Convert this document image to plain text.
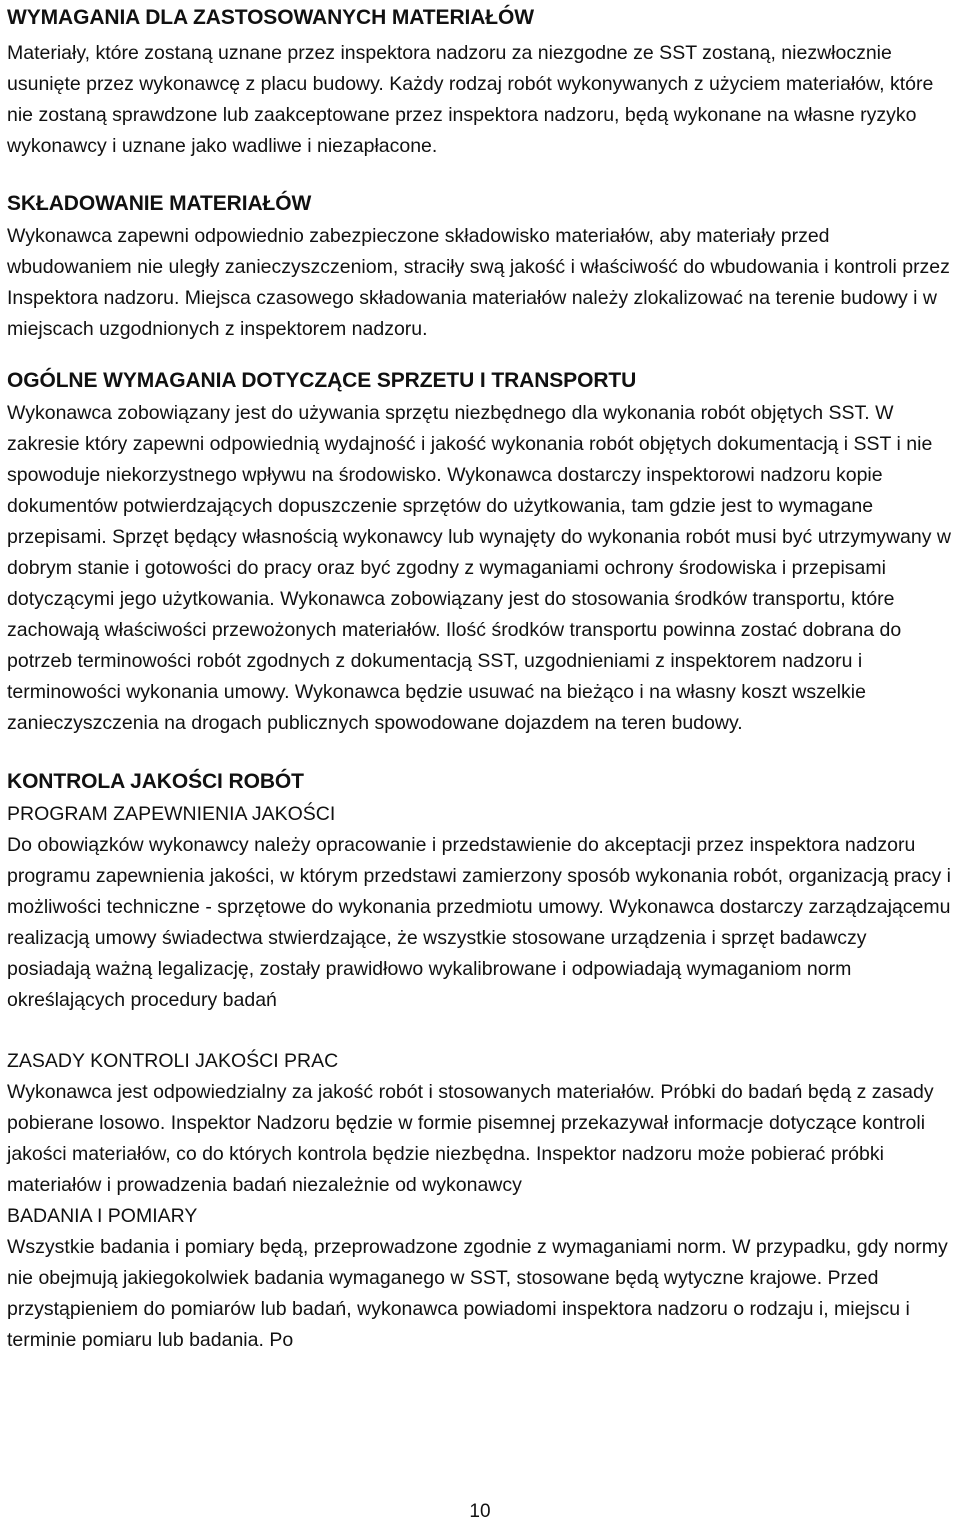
WYMAGANIA DLA ZASTOSOWANYCH MATERIAŁÓW

Materiały, które zostaną uznane przez inspektora nadzoru za niezgodne ze SST zostaną, niezwłocznie usunięte przez wykonawcę z placu budowy. Każdy rodzaj robót wykonywanych z użyciem materiałów, które nie zostaną sprawdzone lub zaakceptowane przez inspektora nadzoru, będą wykonane na własne ryzyko wykonawcy i uznane jako wadliwe i niezapłacone.

SKŁADOWANIE MATERIAŁÓW

Wykonawca zapewni odpowiednio zabezpieczone składowisko materiałów, aby materiały przed wbudowaniem nie uległy zanieczyszczeniom, straciły swą jakość i właściwość do wbudowania i kontroli przez Inspektora nadzoru. Miejsca czasowego składowania materiałów należy zlokalizować na terenie budowy i w miejscach uzgodnionych z inspektorem nadzoru.

OGÓLNE WYMAGANIA DOTYCZĄCE SPRZETU I TRANSPORTU

Wykonawca zobowiązany jest do używania sprzętu niezbędnego dla wykonania robót objętych SST. W zakresie który zapewni odpowiednią wydajność i jakość wykonania robót objętych dokumentacją i SST i nie spowoduje niekorzystnego wpływu na środowisko. Wykonawca dostarczy inspektorowi nadzoru kopie dokumentów potwierdzających dopuszczenie sprzętów do użytkowania, tam gdzie jest to wymagane przepisami. Sprzęt będący własnością wykonawcy lub wynajęty do wykonania robót musi być utrzymywany w dobrym stanie i gotowości do pracy oraz być zgodny z wymaganiami ochrony środowiska i przepisami dotyczącymi jego użytkowania. Wykonawca zobowiązany jest do stosowania środków transportu, które zachowają właściwości przewożonych materiałów. Ilość środków transportu powinna zostać dobrana do potrzeb terminowości robót zgodnych z dokumentacją SST, uzgodnieniami z inspektorem nadzoru i terminowości wykonania umowy. Wykonawca będzie usuwać na bieżąco i na własny koszt wszelkie zanieczyszczenia na drogach publicznych spowodowane dojazdem na teren budowy.

KONTROLA JAKOŚCI ROBÓT

PROGRAM ZAPEWNIENIA JAKOŚCI

Do obowiązków wykonawcy należy opracowanie i przedstawienie do akceptacji przez inspektora nadzoru programu zapewnienia jakości, w którym przedstawi zamierzony sposób wykonania robót, organizacją pracy i możliwości techniczne - sprzętowe do wykonania przedmiotu umowy. Wykonawca dostarczy zarządzającemu realizacją umowy świadectwa stwierdzające, że wszystkie stosowane urządzenia i sprzęt badawczy posiadają ważną legalizację, zostały prawidłowo wykalibrowane i odpowiadają wymaganiom norm określających procedury badań

ZASADY KONTROLI JAKOŚCI PRAC

Wykonawca jest odpowiedzialny za jakość robót i stosowanych materiałów. Próbki do badań będą z zasady pobierane losowo. Inspektor Nadzoru będzie w formie pisemnej przekazywał informacje dotyczące kontroli jakości materiałów, co do których kontrola będzie niezbędna. Inspektor nadzoru może pobierać próbki materiałów i prowadzenia badań niezależnie od wykonawcy

BADANIA I POMIARY

Wszystkie badania i pomiary będą, przeprowadzone zgodnie z wymaganiami norm. W przypadku, gdy normy nie obejmują jakiegokolwiek badania wymaganego w SST, stosowane będą wytyczne krajowe. Przed przystąpieniem do pomiarów lub badań, wykonawca powiadomi inspektora nadzoru o rodzaju i, miejscu i terminie pomiaru lub badania. Po

10
